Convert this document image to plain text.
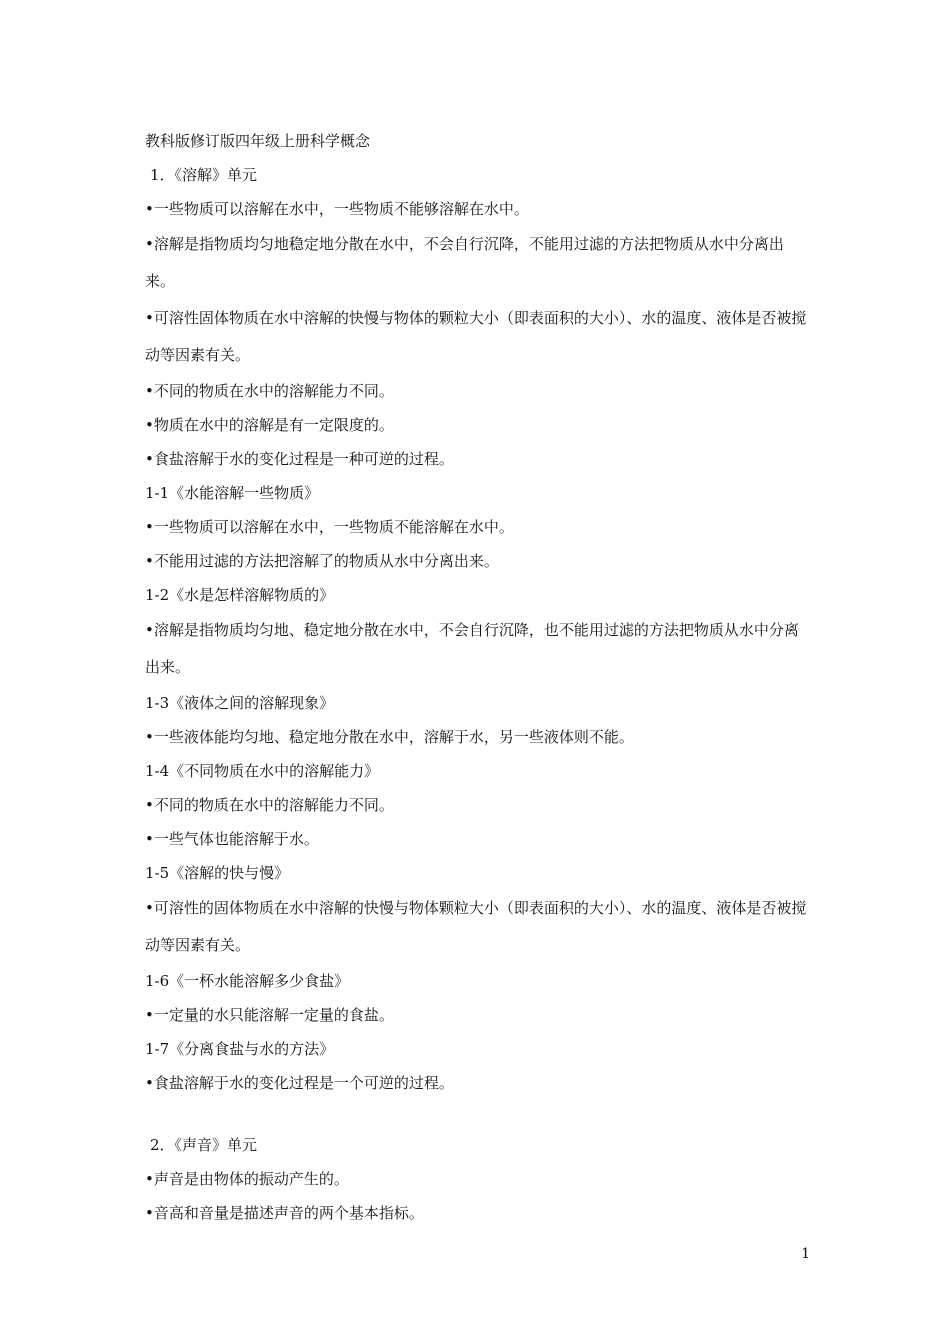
教科版修订版四年级上册科学概念
1．《溶解》单元
•一些物质可以溶解在水中，一些物质不能够溶解在水中。
•溶解是指物质均匀地稳定地分散在水中，不会自行沉降，不能用过滤的方法把物质从水中分离出来。
•可溶性固体物质在水中溶解的快慢与物体的颗粒大小（即表面积的大小）、水的温度、液体是否被搅动等因素有关。
•不同的物质在水中的溶解能力不同。
•物质在水中的溶解是有一定限度的。
•食盐溶解于水的变化过程是一种可逆的过程。
1-1《水能溶解一些物质》
•一些物质可以溶解在水中，一些物质不能溶解在水中。
•不能用过滤的方法把溶解了的物质从水中分离出来。
1-2《水是怎样溶解物质的》
•溶解是指物质均匀地、稳定地分散在水中，不会自行沉降，也不能用过滤的方法把物质从水中分离出来。
1-3《液体之间的溶解现象》
•一些液体能均匀地、稳定地分散在水中，溶解于水，另一些液体则不能。
1-4《不同物质在水中的溶解能力》
•不同的物质在水中的溶解能力不同。
•一些气体也能溶解于水。
1-5《溶解的快与慢》
•可溶性的固体物质在水中溶解的快慢与物体颗粒大小（即表面积的大小）、水的温度、液体是否被搅动等因素有关。
1-6《一杯水能溶解多少食盐》
•一定量的水只能溶解一定量的食盐。
1-7《分离食盐与水的方法》
•食盐溶解于水的变化过程是一个可逆的过程。
2．《声音》单元
•声音是由物体的振动产生的。
•音高和音量是描述声音的两个基本指标。
1
